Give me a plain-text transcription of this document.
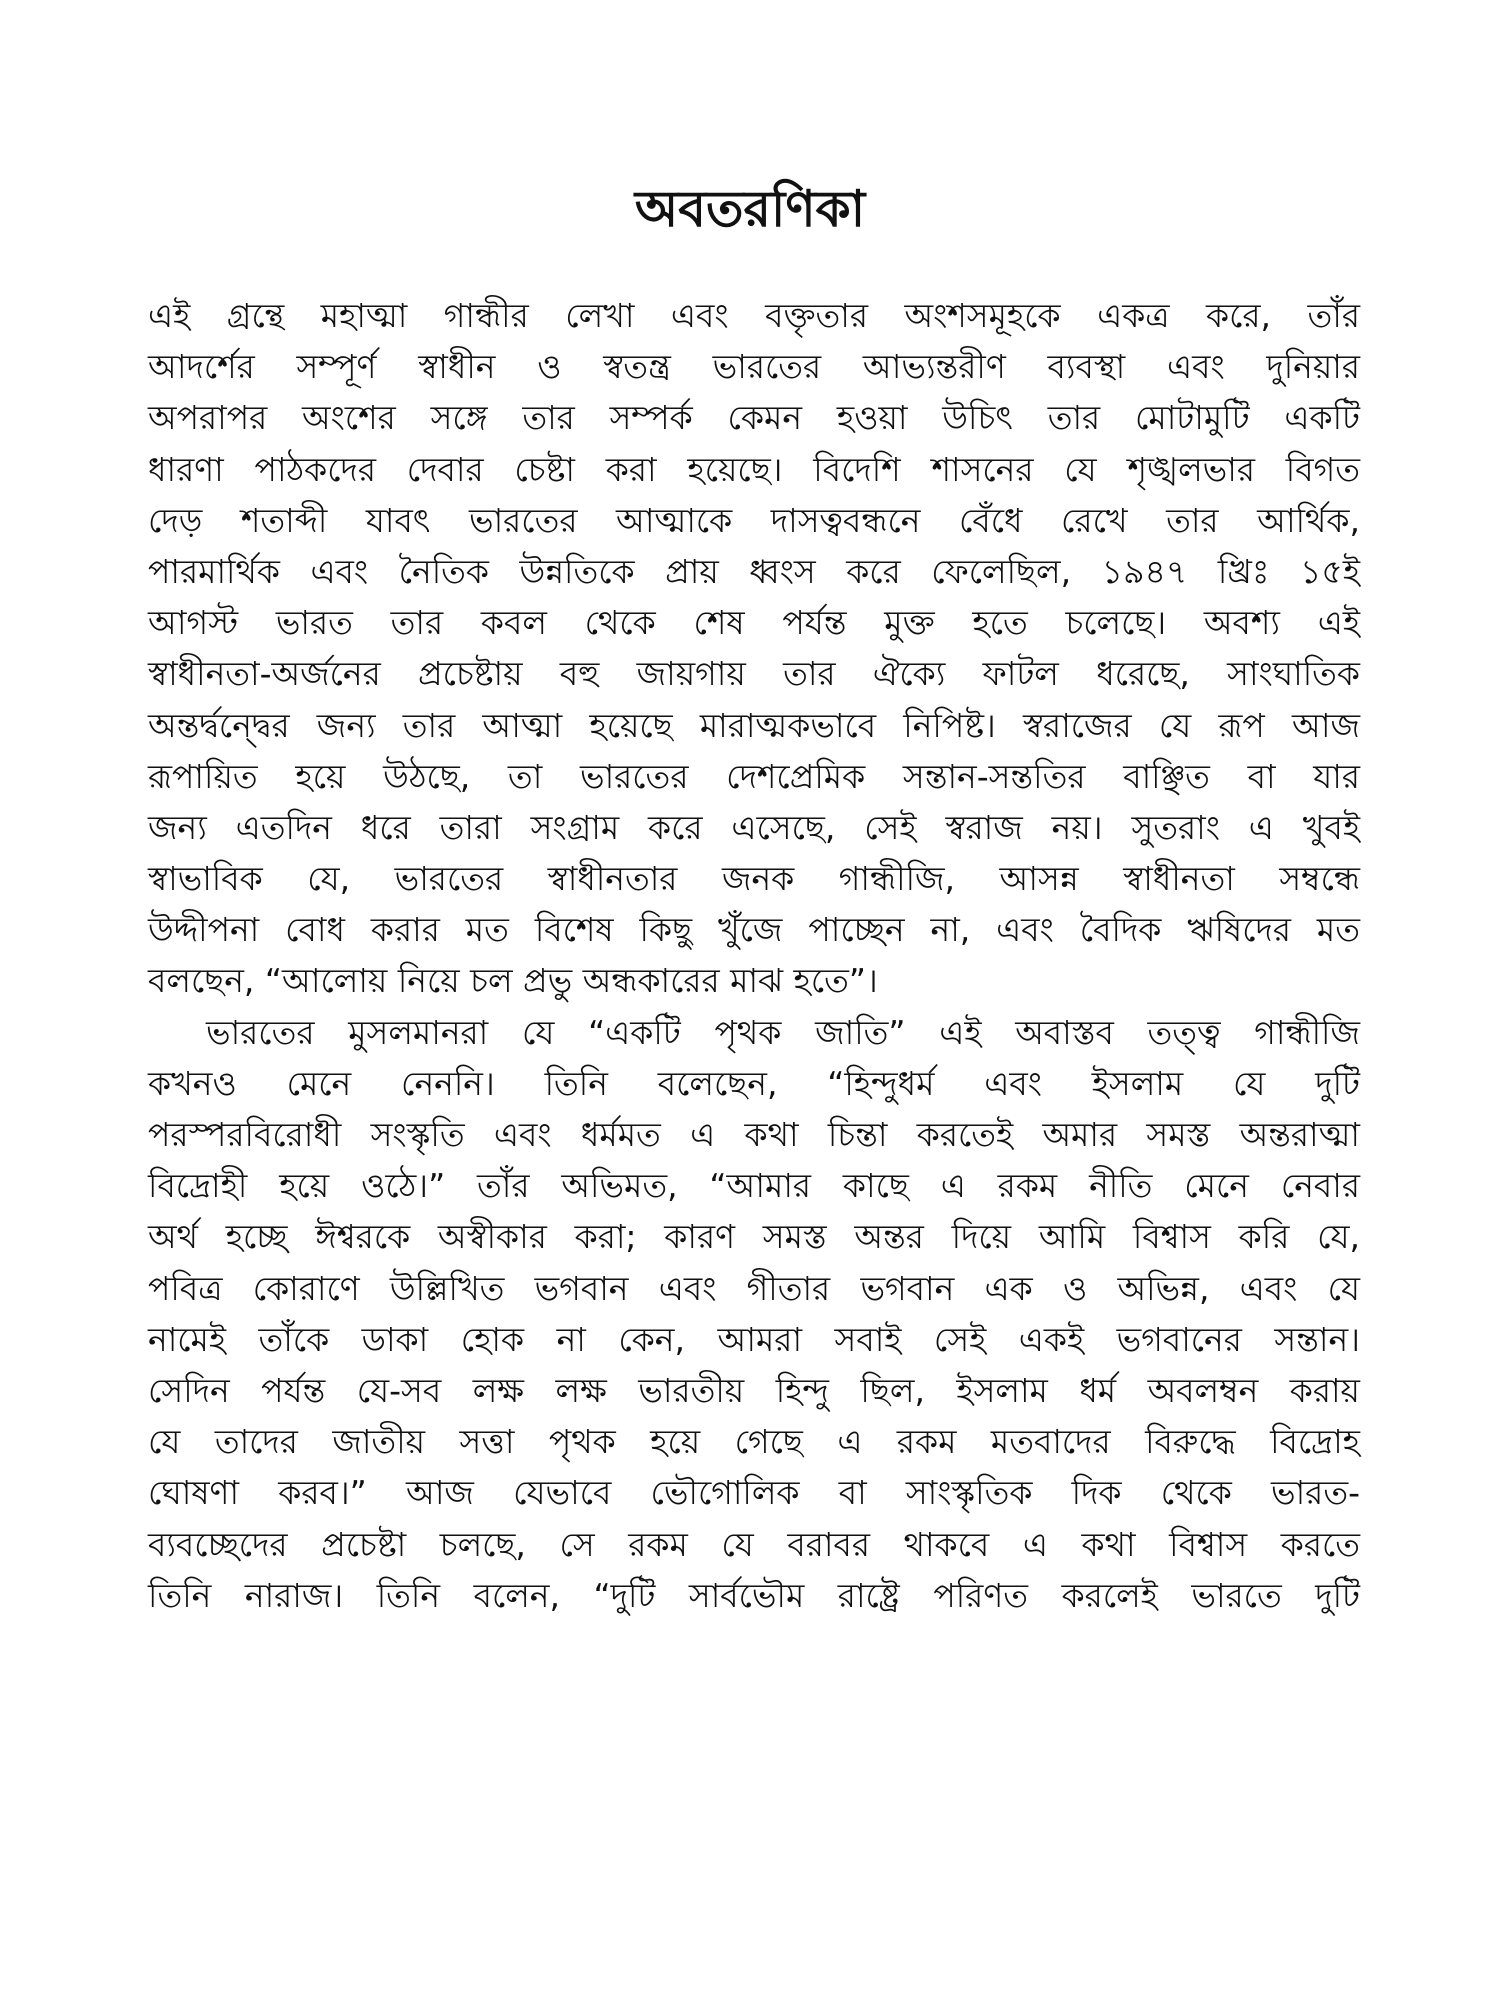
অবতরণিকা
এই গ্রন্থে মহাত্মা গান্ধীর লেখা এবং বক্তৃতার অংশসমূহকে একত্র করে, তাঁর
আদর্শের সম্পূর্ণ স্বাধীন ও স্বতন্ত্র ভারতের আভ্যন্তরীণ ব্যবস্থা এবং দুনিয়ার
অপরাপর অংশের সঙ্গে তার সম্পর্ক কেমন হওয়া উচিৎ তার মোটামুটি একটি
ধারণা পাঠকদের দেবার চেষ্টা করা হয়েছে। বিদেশি শাসনের যে শৃঙ্খলভার বিগত
দেড় শতাব্দী যাবৎ ভারতের আত্মাকে দাসত্ববন্ধনে বেঁধে রেখে তার আর্থিক,
পারমার্থিক এবং নৈতিক উন্নতিকে প্রায় ধ্বংস করে ফেলেছিল, ১৯৪৭ খ্রিঃ ১৫ই
আগস্ট ভারত তার কবল থেকে শেষ পর্যন্ত মুক্ত হতে চলেছে। অবশ্য এই
স্বাধীনতা-অর্জনের প্রচেষ্টায় বহু জায়গায় তার ঐক্যে ফাটল ধরেছে, সাংঘাতিক
অন্তর্দ্বন্দ্বের জন্য তার আত্মা হয়েছে মারাত্মকভাবে নিপিষ্ট। স্বরাজের যে রূপ আজ
রূপায়িত হয়ে উঠছে, তা ভারতের দেশপ্রেমিক সন্তান-সন্ততির বাঞ্ছিত বা যার
জন্য এতদিন ধরে তারা সংগ্রাম করে এসেছে, সেই স্বরাজ নয়। সুতরাং এ খুবই
স্বাভাবিক যে, ভারতের স্বাধীনতার জনক গান্ধীজি, আসন্ন স্বাধীনতা সম্বন্ধে
উদ্দীপনা বোধ করার মত বিশেষ কিছু খুঁজে পাচ্ছেন না, এবং বৈদিক ঋষিদের মত
বলছেন, “আলোয় নিয়ে চল প্রভু অন্ধকারের মাঝ হতে”।
ভারতের মুসলমানরা যে “একটি পৃথক জাতি” এই অবাস্তব তত্ত্ব গান্ধীজি
কখনও মেনে নেননি। তিনি বলেছেন, “হিন্দুধর্ম এবং ইসলাম যে দুটি
পরস্পরবিরোধী সংস্কৃতি এবং ধর্মমত এ কথা চিন্তা করতেই অমার সমস্ত অন্তরাত্মা
বিদ্রোহী হয়ে ওঠে।” তাঁর অভিমত, “আমার কাছে এ রকম নীতি মেনে নেবার
অর্থ হচ্ছে ঈশ্বরকে অস্বীকার করা; কারণ সমস্ত অন্তর দিয়ে আমি বিশ্বাস করি যে,
পবিত্র কোরাণে উল্লিখিত ভগবান এবং গীতার ভগবান এক ও অভিন্ন, এবং যে
নামেই তাঁকে ডাকা হোক না কেন, আমরা সবাই সেই একই ভগবানের সন্তান।
সেদিন পর্যন্ত যে-সব লক্ষ লক্ষ ভারতীয় হিন্দু ছিল, ইসলাম ধর্ম অবলম্বন করায়
যে তাদের জাতীয় সত্তা পৃথক হয়ে গেছে এ রকম মতবাদের বিরুদ্ধে বিদ্রোহ
ঘোষণা করব।” আজ যেভাবে ভৌগোলিক বা সাংস্কৃতিক দিক থেকে ভারত-
ব্যবচ্ছেদের প্রচেষ্টা চলছে, সে রকম যে বরাবর থাকবে এ কথা বিশ্বাস করতে
তিনি নারাজ। তিনি বলেন, “দুটি সার্বভৌম রাষ্ট্রে পরিণত করলেই ভারতে দুটি
